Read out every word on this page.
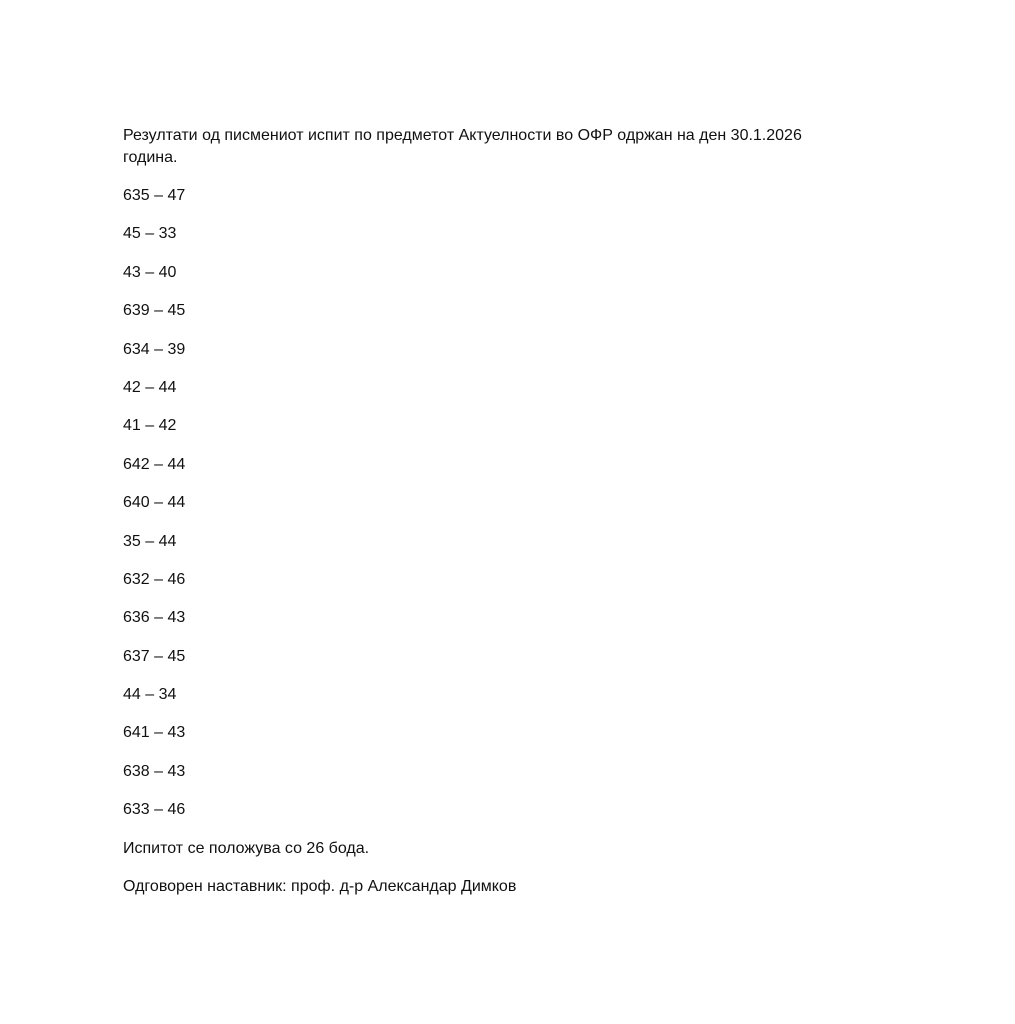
Резултати од писмениот испит по предметот Актуелности во ОФР одржан на ден 30.1.2026 година.

635 – 47
45 – 33
43 – 40
639 – 45
634 – 39
42 – 44
41 – 42
642 – 44
640 – 44
35 – 44
632 – 46
636 – 43
637 – 45
44 – 34
641 – 43
638 – 43
633 – 46

Испитот се положува со 26 бода.

Одговорен наставник: проф. д-р Александар Димков
